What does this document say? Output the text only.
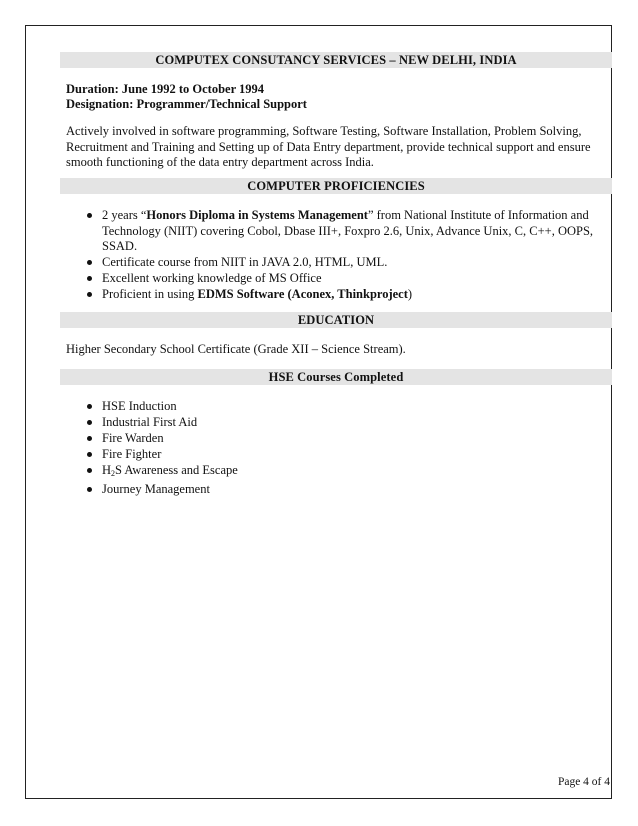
COMPUTEX CONSUTANCY SERVICES – NEW DELHI, INDIA
Duration: June 1992 to October 1994
Designation: Programmer/Technical Support
Actively involved in software programming, Software Testing, Software Installation, Problem Solving, Recruitment and Training and Setting up of Data Entry department, provide technical support and ensure smooth functioning of the data entry department across India.
COMPUTER PROFICIENCIES
2 years “Honors Diploma in Systems Management” from National Institute of Information and Technology (NIIT) covering Cobol, Dbase III+, Foxpro 2.6, Unix, Advance Unix, C, C++, OOPS, SSAD.
Certificate course from NIIT in JAVA 2.0, HTML, UML.
Excellent working knowledge of MS Office
Proficient in using EDMS Software (Aconex, Thinkproject)
EDUCATION
Higher Secondary School Certificate (Grade XII – Science Stream).
HSE Courses Completed
HSE Induction
Industrial First Aid
Fire Warden
Fire Fighter
$H_2S$ Awareness and Escape
Journey Management
Page 4 of 4
